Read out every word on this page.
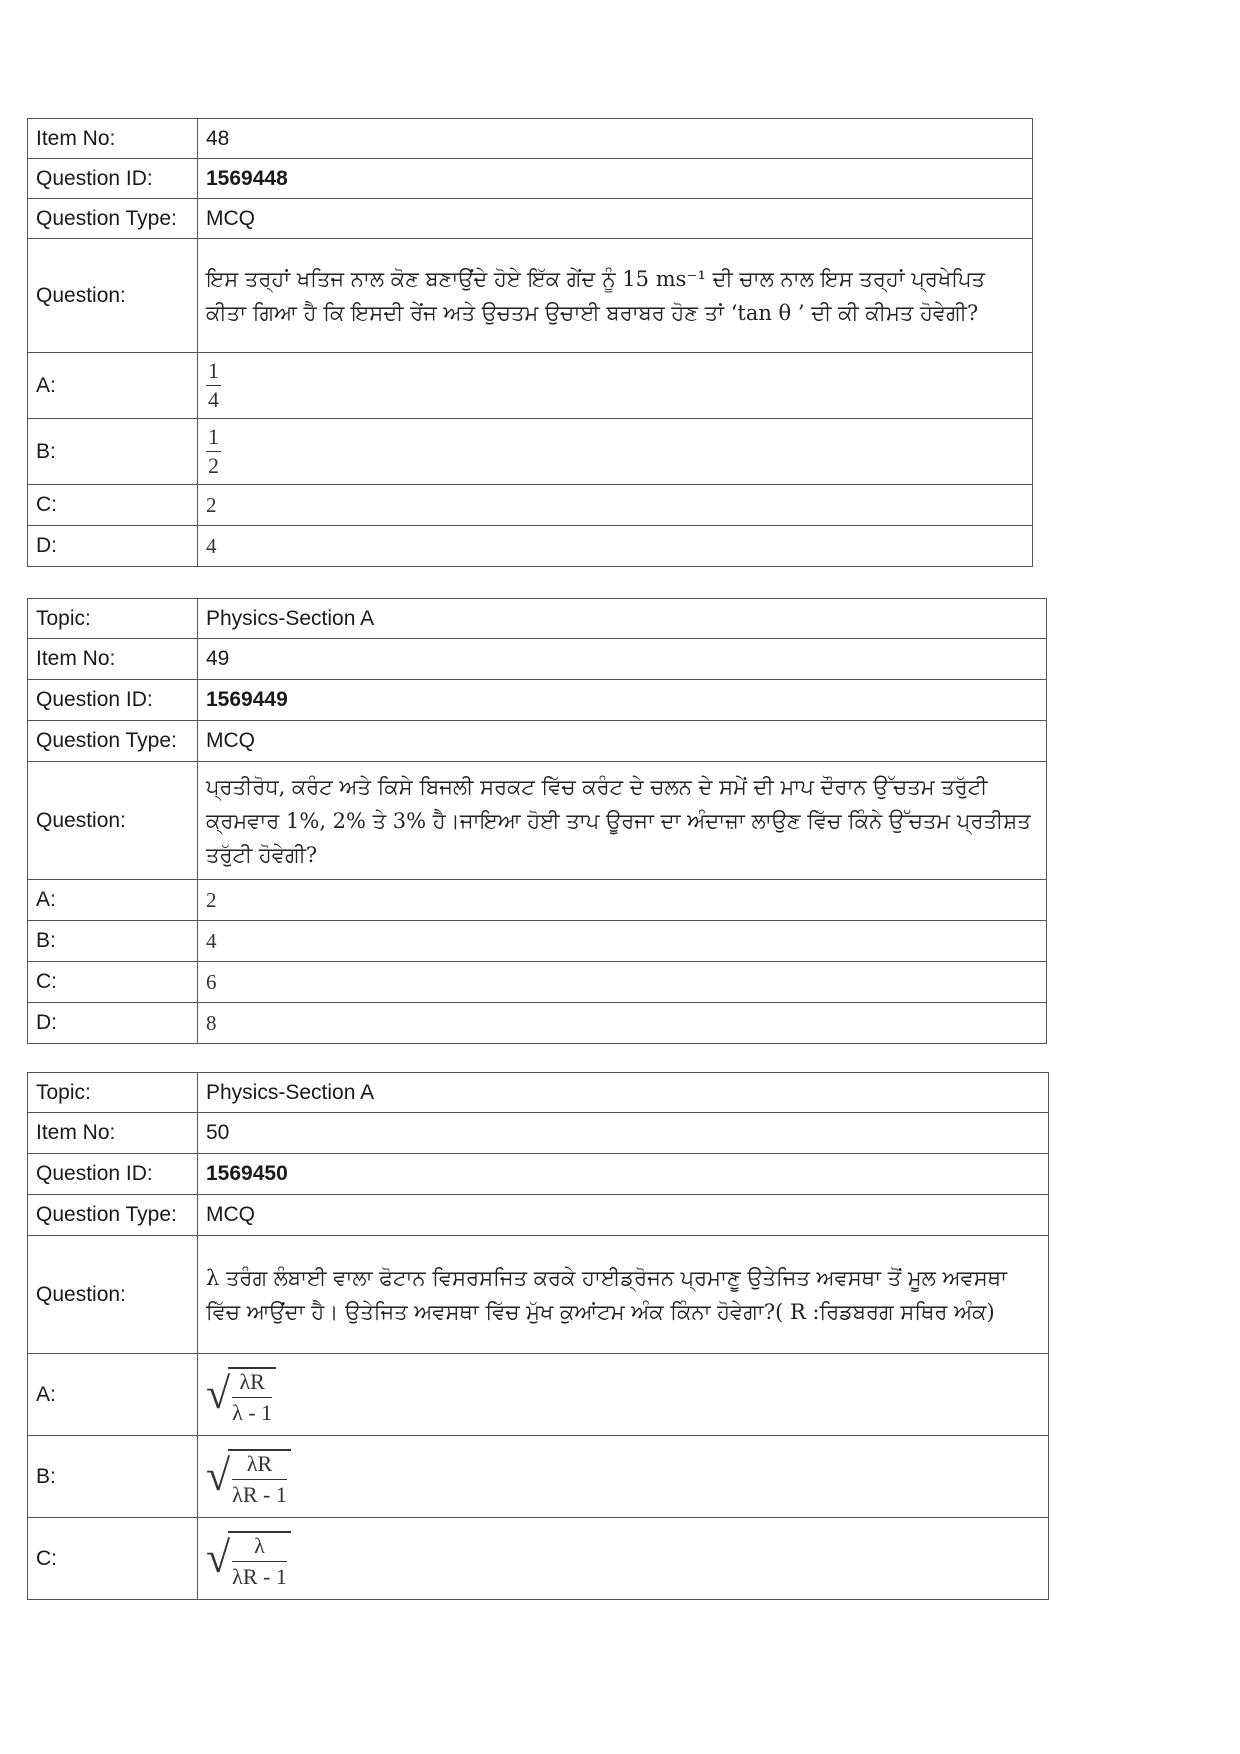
Item No:	48
Question ID:	1569448
Question Type:	MCQ
Question:	ਇਸ ਤਰ੍ਹਾਂ ਖਤਿਜ ਨਾਲ ਕੋਣ ਬਣਾਉਂਦੇ ਹੋਏ ਇੱਕ ਗੇਂਦ ਨੂੰ 15 ms⁻¹ ਦੀ ਚਾਲ ਨਾਲ ਇਸ ਤਰ੍ਹਾਂ ਪ੍ਰਖੇਪਿਤ ਕੀਤਾ ਗਿਆ ਹੈ ਕਿ ਇਸਦੀ ਰੇਂਜ ਅਤੇ ਉਚਤਮ ਉਚਾਈ ਬਰਾਬਰ ਹੋਣ ਤਾਂ ‘tan θ ’ ਦੀ ਕੀ ਕੀਮਤ ਹੋਵੇਗੀ?
A:	$\frac{1}{4}$

B:	$\frac{1}{2}$

C:	2
D:	4
Topic:	Physics-Section A
Item No:	49
Question ID:	1569449
Question Type:	MCQ
Question:	ਪ੍ਰਤੀਰੋਧ, ਕਰੰਟ ਅਤੇ ਕਿਸੇ ਬਿਜਲੀ ਸਰਕਟ ਵਿੱਚ ਕਰੰਟ ਦੇ ਚਲਨ ਦੇ ਸਮੇਂ ਦੀ ਮਾਪ ਦੌਰਾਨ ਉੱਚਤਮ ਤਰੁੱਟੀ ਕ੍ਰਮਵਾਰ 1%, 2% ਤੇ 3% ਹੈ।ਜਾਇਆ ਹੋਈ ਤਾਪ ਊਰਜਾ ਦਾ ਅੰਦਾਜ਼ਾ ਲਾਉਣ ਵਿੱਚ ਕਿੰਨੇ ਉੱਚਤਮ ਪ੍ਰਤੀਸ਼ਤ ਤਰੁੱਟੀ ਹੋਵੇਗੀ?
A:	2
B:	4
C:	6
D:	8
Topic:	Physics-Section A
Item No:	50
Question ID:	1569450
Question Type:	MCQ
Question:	λ ਤਰੰਗ ਲੰਬਾਈ ਵਾਲਾ ਫੋਟਾਨ ਵਿਸਰਸਜਿਤ ਕਰਕੇ ਹਾਈਡ੍ਰੋਜਨ ਪ੍ਰਮਾਣੂ ਉਤੇਜਿਤ ਅਵਸਥਾ ਤੋਂ ਮੂਲ ਅਵਸਥਾ ਵਿੱਚ ਆਉਂਦਾ ਹੈ। ਉਤੇਜਿਤ ਅਵਸਥਾ ਵਿੱਚ ਮੁੱਖ ਕੁਆਂਟਮ ਅੰਕ ਕਿੰਨਾ ਹੋਵੇਗਾ?( R :ਰਿਡਬਰਗ ਸਥਿਰ ਅੰਕ)
A:	√ λR
λ - 1

B:	√ λR
λR - 1

C:	√ λ
λR - 1
